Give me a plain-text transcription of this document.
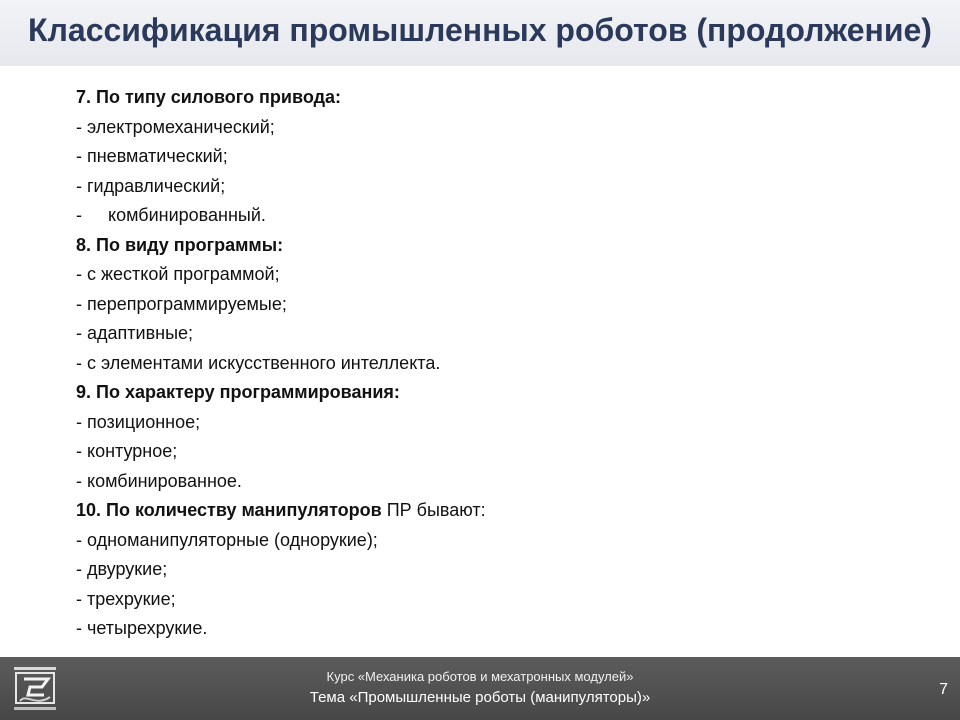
Классификация промышленных роботов (продолжение)
7. По типу силового привода:
- электромеханический;
- пневматический;
- гидравлический;
- комбинированный.
8. По виду программы:
- с жесткой программой;
- перепрограммируемые;
- адаптивные;
- с элементами искусственного интеллекта.
9. По характеру программирования:
- позиционное;
- контурное;
- комбинированное.
10. По количеству манипуляторов ПР бывают:
- одноманипуляторные (однорукие);
- двурукие;
- трехрукие;
- четырехрукие.
Курс «Механика роботов и мехатронных модулей»
Тема «Промышленные роботы (манипуляторы)»	7
